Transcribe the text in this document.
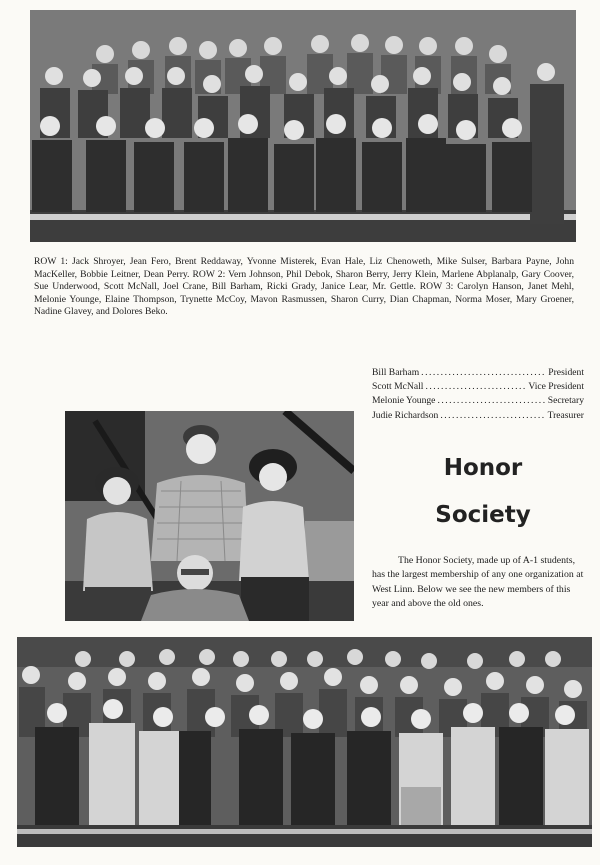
ROW 1: Jack Shroyer, Jean Fero, Brent Reddaway, Yvonne Misterek, Evan Hale, Liz Chenoweth, Mike Sulser, Barbara Payne, John MacKeller, Bobbie Leitner, Dean Perry. ROW 2: Vern Johnson, Phil Debok, Sharon Berry, Jerry Klein, Marlene Abplanalp, Gary Coover, Sue Underwood, Scott McNall, Joel Crane, Bill Barham, Ricki Grady, Janice Lear, Mr. Gettle. ROW 3: Carolyn Hanson, Janet Mehl, Melonie Younge, Elaine Thompson, Trynette McCoy, Mavon Rasmussen, Sharon Curry, Dian Chapman, Norma Moser, Mary Groener, Nadine Glavey, and Dolores Beko.
Bill Barham .....	President
Scott McNall .....	Vice President
Melonie Younge .....	Secretary
Judie Richardson .....	Treasurer
Honor
Society
The Honor Society, made up of A-1 students, has the largest membership of any one organization at West Linn. Below we see the new members of this year and above the old ones.
